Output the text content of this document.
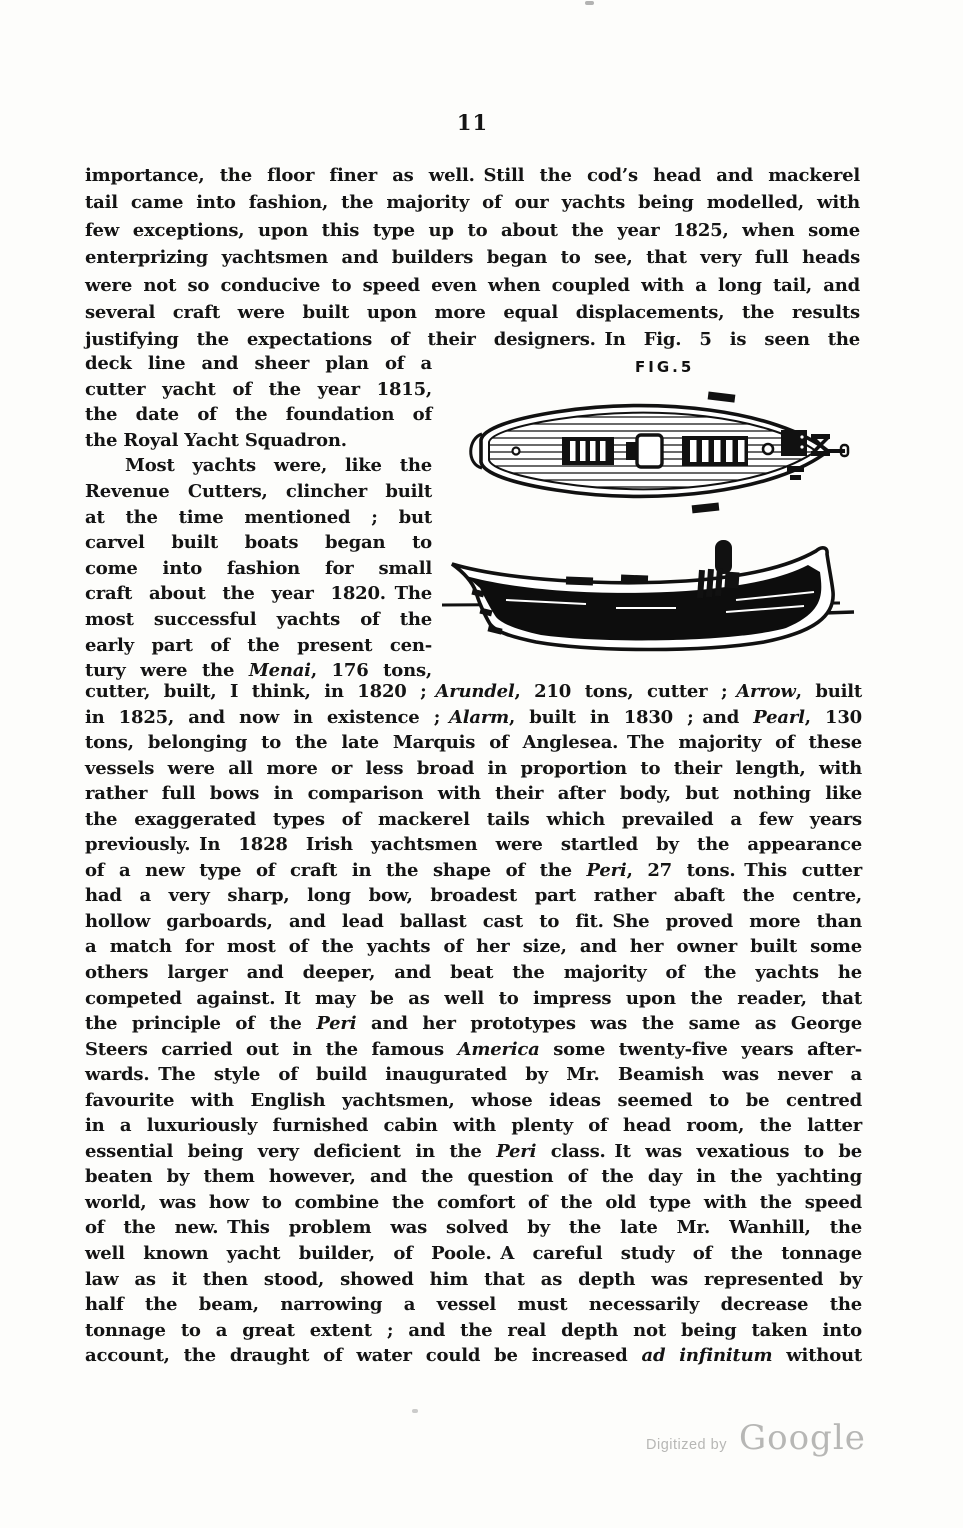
11
importance, the floor finer as well. Still the cod’s head and mackerel
tail came into fashion, the majority of our yachts being modelled, with
few exceptions, upon this type up to about the year 1825, when some
enterprizing yachtsmen and builders began to see, that very full heads
were not so conducive to speed even when coupled with a long tail, and
several craft were built upon more equal displacements, the results
justifying the expectations of their designers. In Fig. 5 is seen the
deck line and sheer plan of a
cutter yacht of the year 1815,
the date of the foundation of
the Royal Yacht Squadron.
Most yachts were, like the
Revenue Cutters, clincher built
at the time mentioned ; but
carvel built boats began to
come into fashion for small
craft about the year 1820. The
most successful yachts of the
early part of the present cen-
tury were the Menai, 176 tons,
FIG.5
cutter, built, I think, in 1820 ; Arundel, 210 tons, cutter ; Arrow, built
in 1825, and now in existence ; Alarm, built in 1830 ; and Pearl, 130
tons, belonging to the late Marquis of Anglesea. The majority of these
vessels were all more or less broad in proportion to their length, with
rather full bows in comparison with their after body, but nothing like
the exaggerated types of mackerel tails which prevailed a few years
previously. In 1828 Irish yachtsmen were startled by the appearance
of a new type of craft in the shape of the Peri, 27 tons. This cutter
had a very sharp, long bow, broadest part rather abaft the centre,
hollow garboards, and lead ballast cast to fit. She proved more than
a match for most of the yachts of her size, and her owner built some
others larger and deeper, and beat the majority of the yachts he
competed against. It may be as well to impress upon the reader, that
the principle of the Peri and her prototypes was the same as George
Steers carried out in the famous America some twenty-five years after-
wards. The style of build inaugurated by Mr. Beamish was never a
favourite with English yachtsmen, whose ideas seemed to be centred
in a luxuriously furnished cabin with plenty of head room, the latter
essential being very deficient in the Peri class. It was vexatious to be
beaten by them however, and the question of the day in the yachting
world, was how to combine the comfort of the old type with the speed
of the new. This problem was solved by the late Mr. Wanhill, the
well known yacht builder, of Poole. A careful study of the tonnage
law as it then stood, showed him that as depth was represented by
half the beam, narrowing a vessel must necessarily decrease the
tonnage to a great extent ; and the real depth not being taken into
account, the draught of water could be increased ad infinitum without
Digitized by Google
